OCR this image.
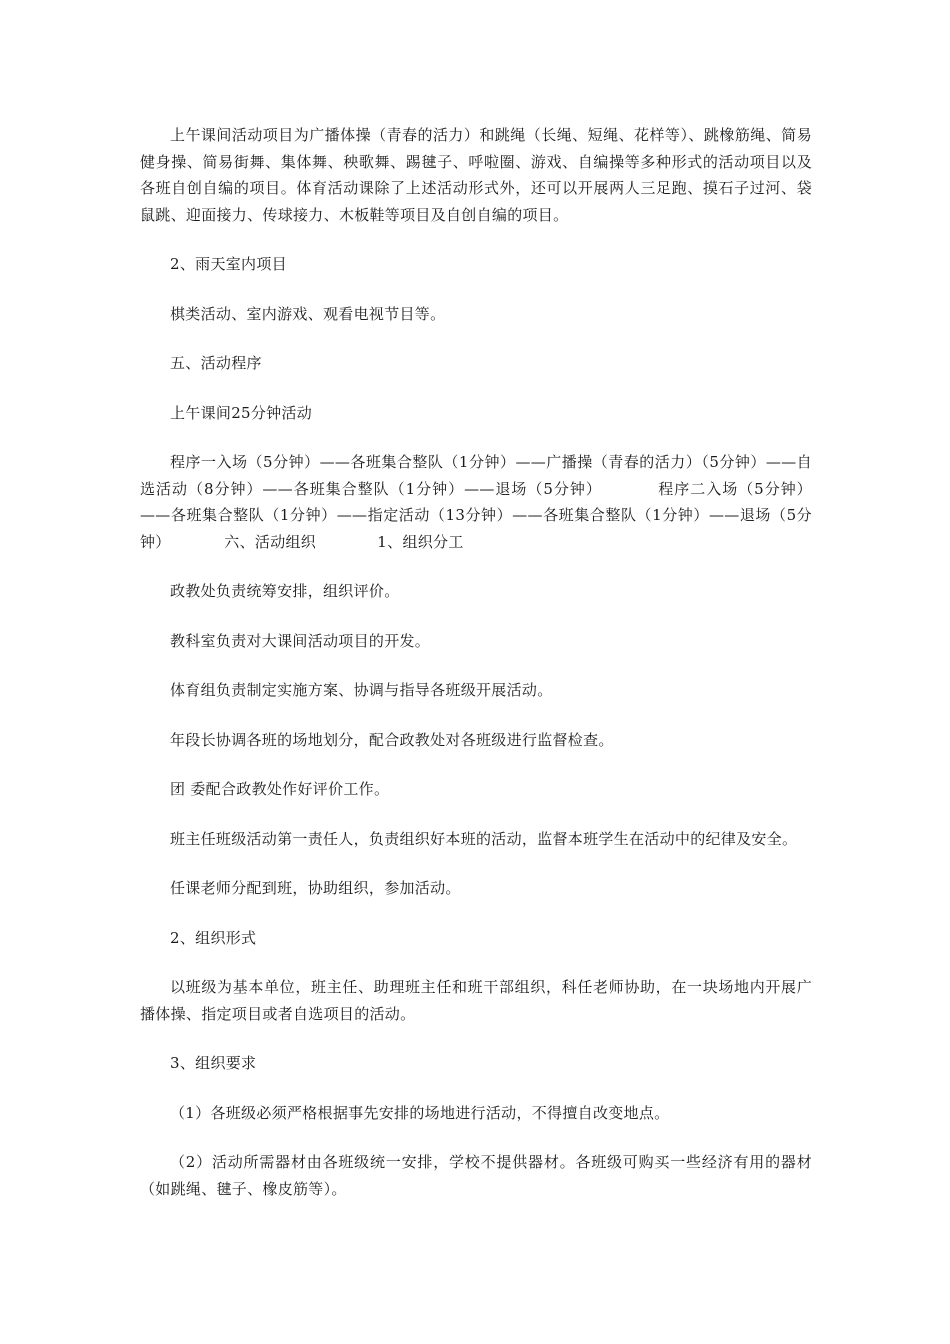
上午课间活动项目为广播体操（青春的活力）和跳绳（长绳、短绳、花样等）、跳橡筋绳、简易健身操、简易街舞、集体舞、秧歌舞、踢毽子、呼啦圈、游戏、自编操等多种形式的活动项目以及各班自创自编的项目。体育活动课除了上述活动形式外，还可以开展两人三足跑、摸石子过河、袋鼠跳、迎面接力、传球接力、木板鞋等项目及自创自编的项目。

2、雨天室内项目

棋类活动、室内游戏、观看电视节目等。

五、活动程序

上午课间25分钟活动

程序一入场（5分钟）——各班集合整队（1分钟）——广播操（青春的活力）（5分钟）——自选活动（8分钟）——各班集合整队（1分钟）——退场（5分钟）　　　　程序二入场（5分钟）——各班集合整队（1分钟）——指定活动（13分钟）——各班集合整队（1分钟）——退场（5分钟）　　　　六、活动组织　　　　1、组织分工

政教处负责统筹安排，组织评价。

教科室负责对大课间活动项目的开发。

体育组负责制定实施方案、协调与指导各班级开展活动。

年段长协调各班的场地划分，配合政教处对各班级进行监督检查。

团 委配合政教处作好评价工作。

班主任班级活动第一责任人，负责组织好本班的活动，监督本班学生在活动中的纪律及安全。

任课老师分配到班，协助组织，参加活动。

2、组织形式

以班级为基本单位，班主任、助理班主任和班干部组织，科任老师协助，在一块场地内开展广播体操、指定项目或者自选项目的活动。

3、组织要求

（1）各班级必须严格根据事先安排的场地进行活动，不得擅自改变地点。

（2）活动所需器材由各班级统一安排，学校不提供器材。各班级可购买一些经济有用的器材（如跳绳、毽子、橡皮筋等）。
